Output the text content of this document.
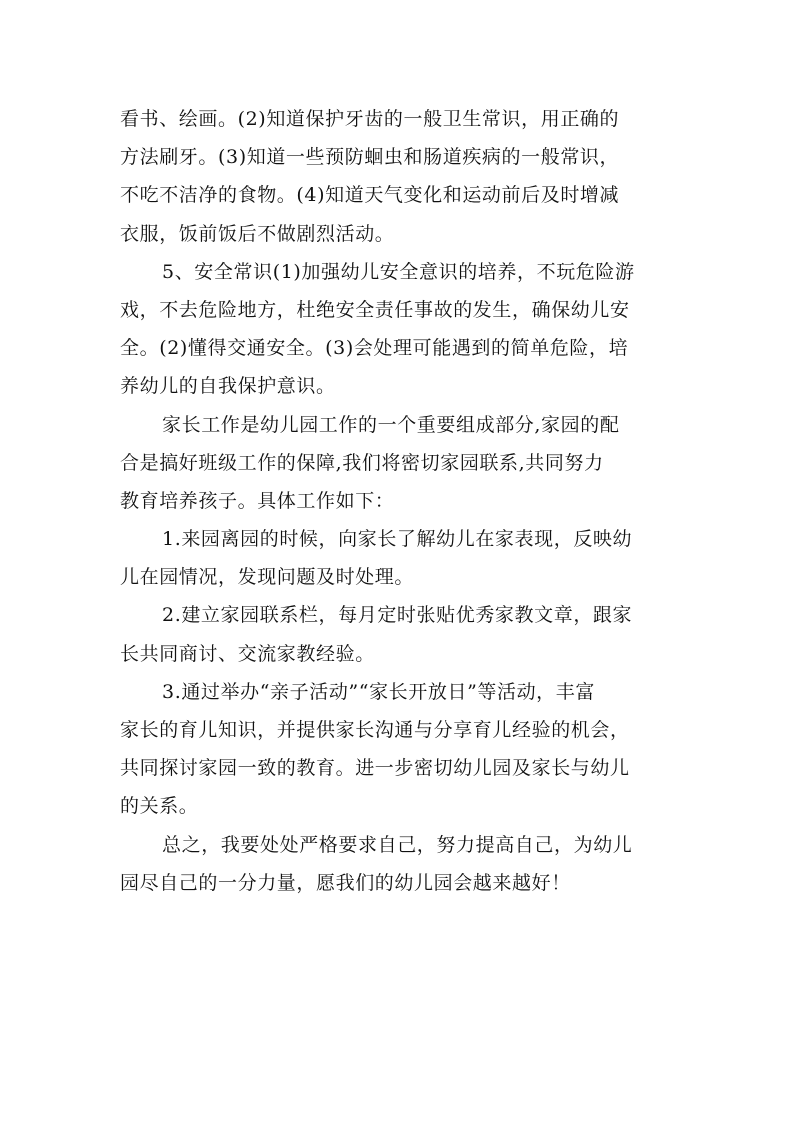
看书、绘画。(2)知道保护牙齿的一般卫生常识，用正确的
方法刷牙。(3)知道一些预防蛔虫和肠道疾病的一般常识，
不吃不洁净的食物。(4)知道天气变化和运动前后及时增减
衣服，饭前饭后不做剧烈活动。
5、安全常识(1)加强幼儿安全意识的培养，不玩危险游
戏，不去危险地方，杜绝安全责任事故的发生，确保幼儿安
全。(2)懂得交通安全。(3)会处理可能遇到的简单危险，培
养幼儿的自我保护意识。
家长工作是幼儿园工作的一个重要组成部分,家园的配
合是搞好班级工作的保障,我们将密切家园联系,共同努力
教育培养孩子。具体工作如下：
1.来园离园的时候，向家长了解幼儿在家表现，反映幼
儿在园情况，发现问题及时处理。
2.建立家园联系栏，每月定时张贴优秀家教文章，跟家
长共同商讨、交流家教经验。
3.通过举办“亲子活动”“家长开放日”等活动，丰富
家长的育儿知识，并提供家长沟通与分享育儿经验的机会，
共同探讨家园一致的教育。进一步密切幼儿园及家长与幼儿
的关系。
总之，我要处处严格要求自己，努力提高自己，为幼儿
园尽自己的一分力量，愿我们的幼儿园会越来越好！
